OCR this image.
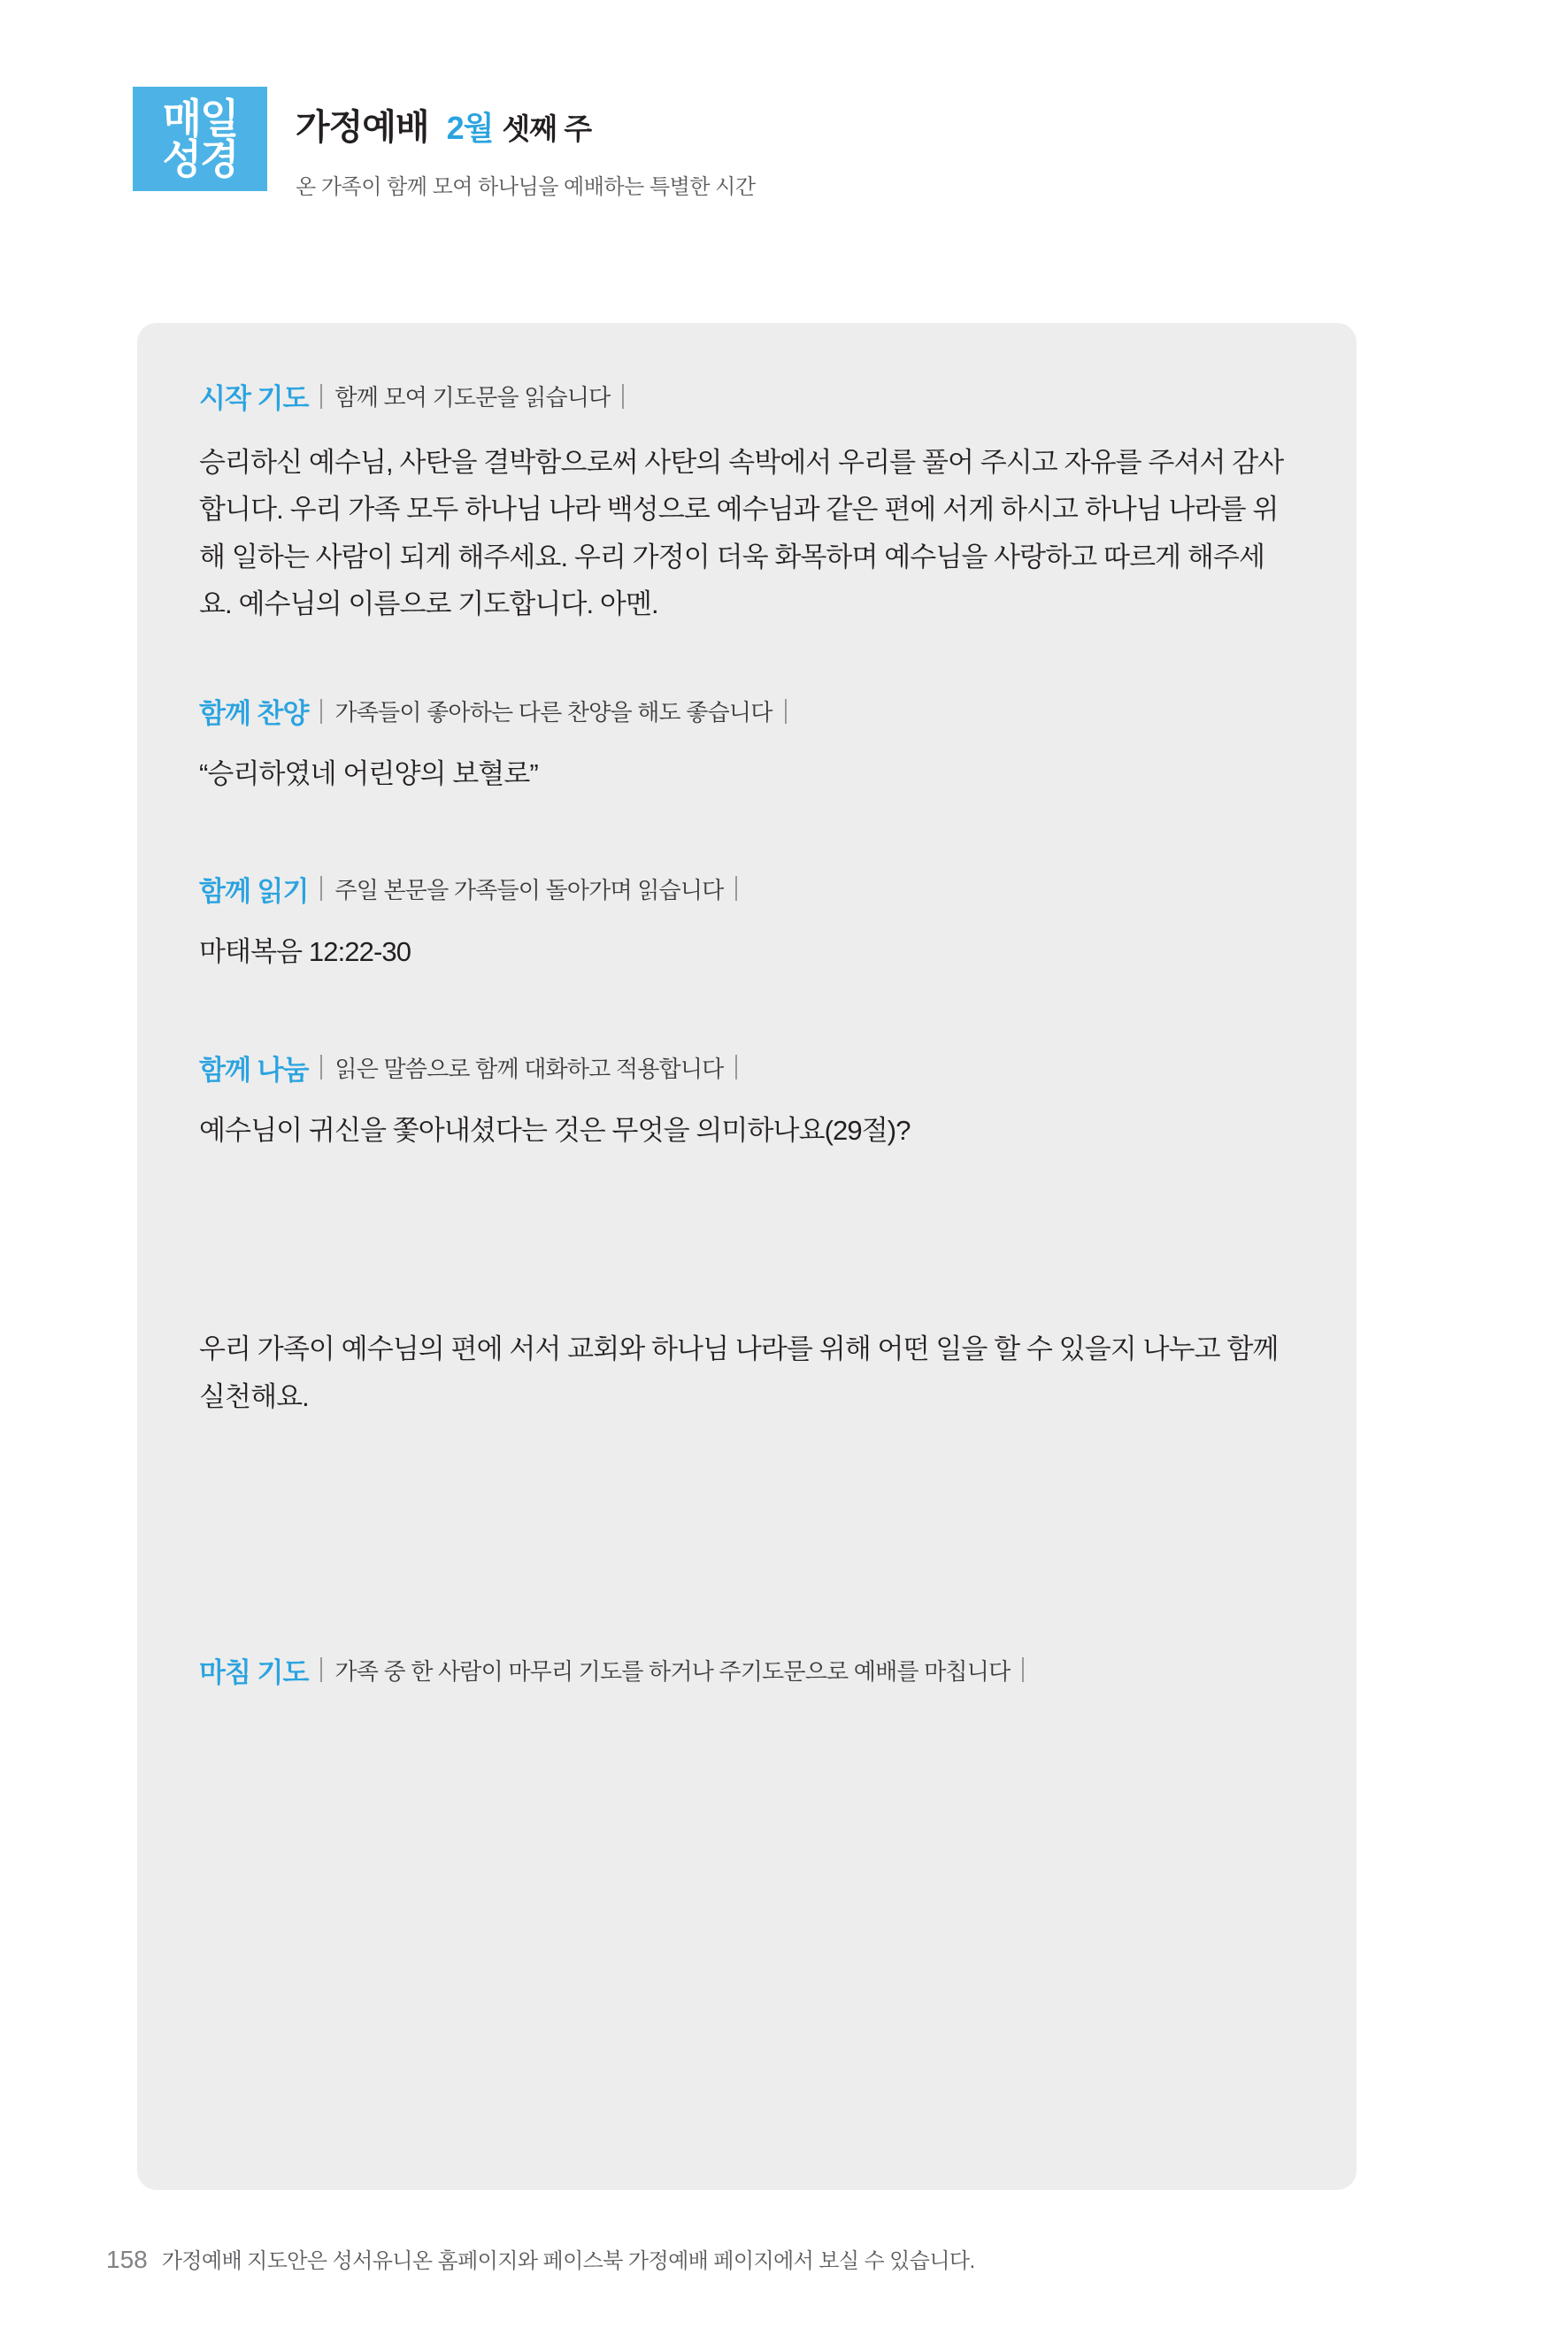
매일
성경
가정예배 2월 셋째 주
온 가족이 함께 모여 하나님을 예배하는 특별한 시간
시작 기도 함께 모여 기도문을 읽습니다
승리하신 예수님, 사탄을 결박함으로써 사탄의 속박에서 우리를 풀어 주시고 자유를 주셔서 감사합니다. 우리 가족 모두 하나님 나라 백성으로 예수님과 같은 편에 서게 하시고 하나님 나라를 위해 일하는 사람이 되게 해주세요. 우리 가정이 더욱 화목하며 예수님을 사랑하고 따르게 해주세요. 예수님의 이름으로 기도합니다. 아멘.
함께 찬양 가족들이 좋아하는 다른 찬양을 해도 좋습니다
“승리하였네 어린양의 보혈로”
함께 읽기 주일 본문을 가족들이 돌아가며 읽습니다
마태복음 12:22-30
함께 나눔 읽은 말씀으로 함께 대화하고 적용합니다
예수님이 귀신을 쫓아내셨다는 것은 무엇을 의미하나요(29절)?
우리 가족이 예수님의 편에 서서 교회와 하나님 나라를 위해 어떤 일을 할 수 있을지 나누고 함께 실천해요.
마침 기도 가족 중 한 사람이 마무리 기도를 하거나 주기도문으로 예배를 마칩니다
158 가정예배 지도안은 성서유니온 홈페이지와 페이스북 가정예배 페이지에서 보실 수 있습니다.
